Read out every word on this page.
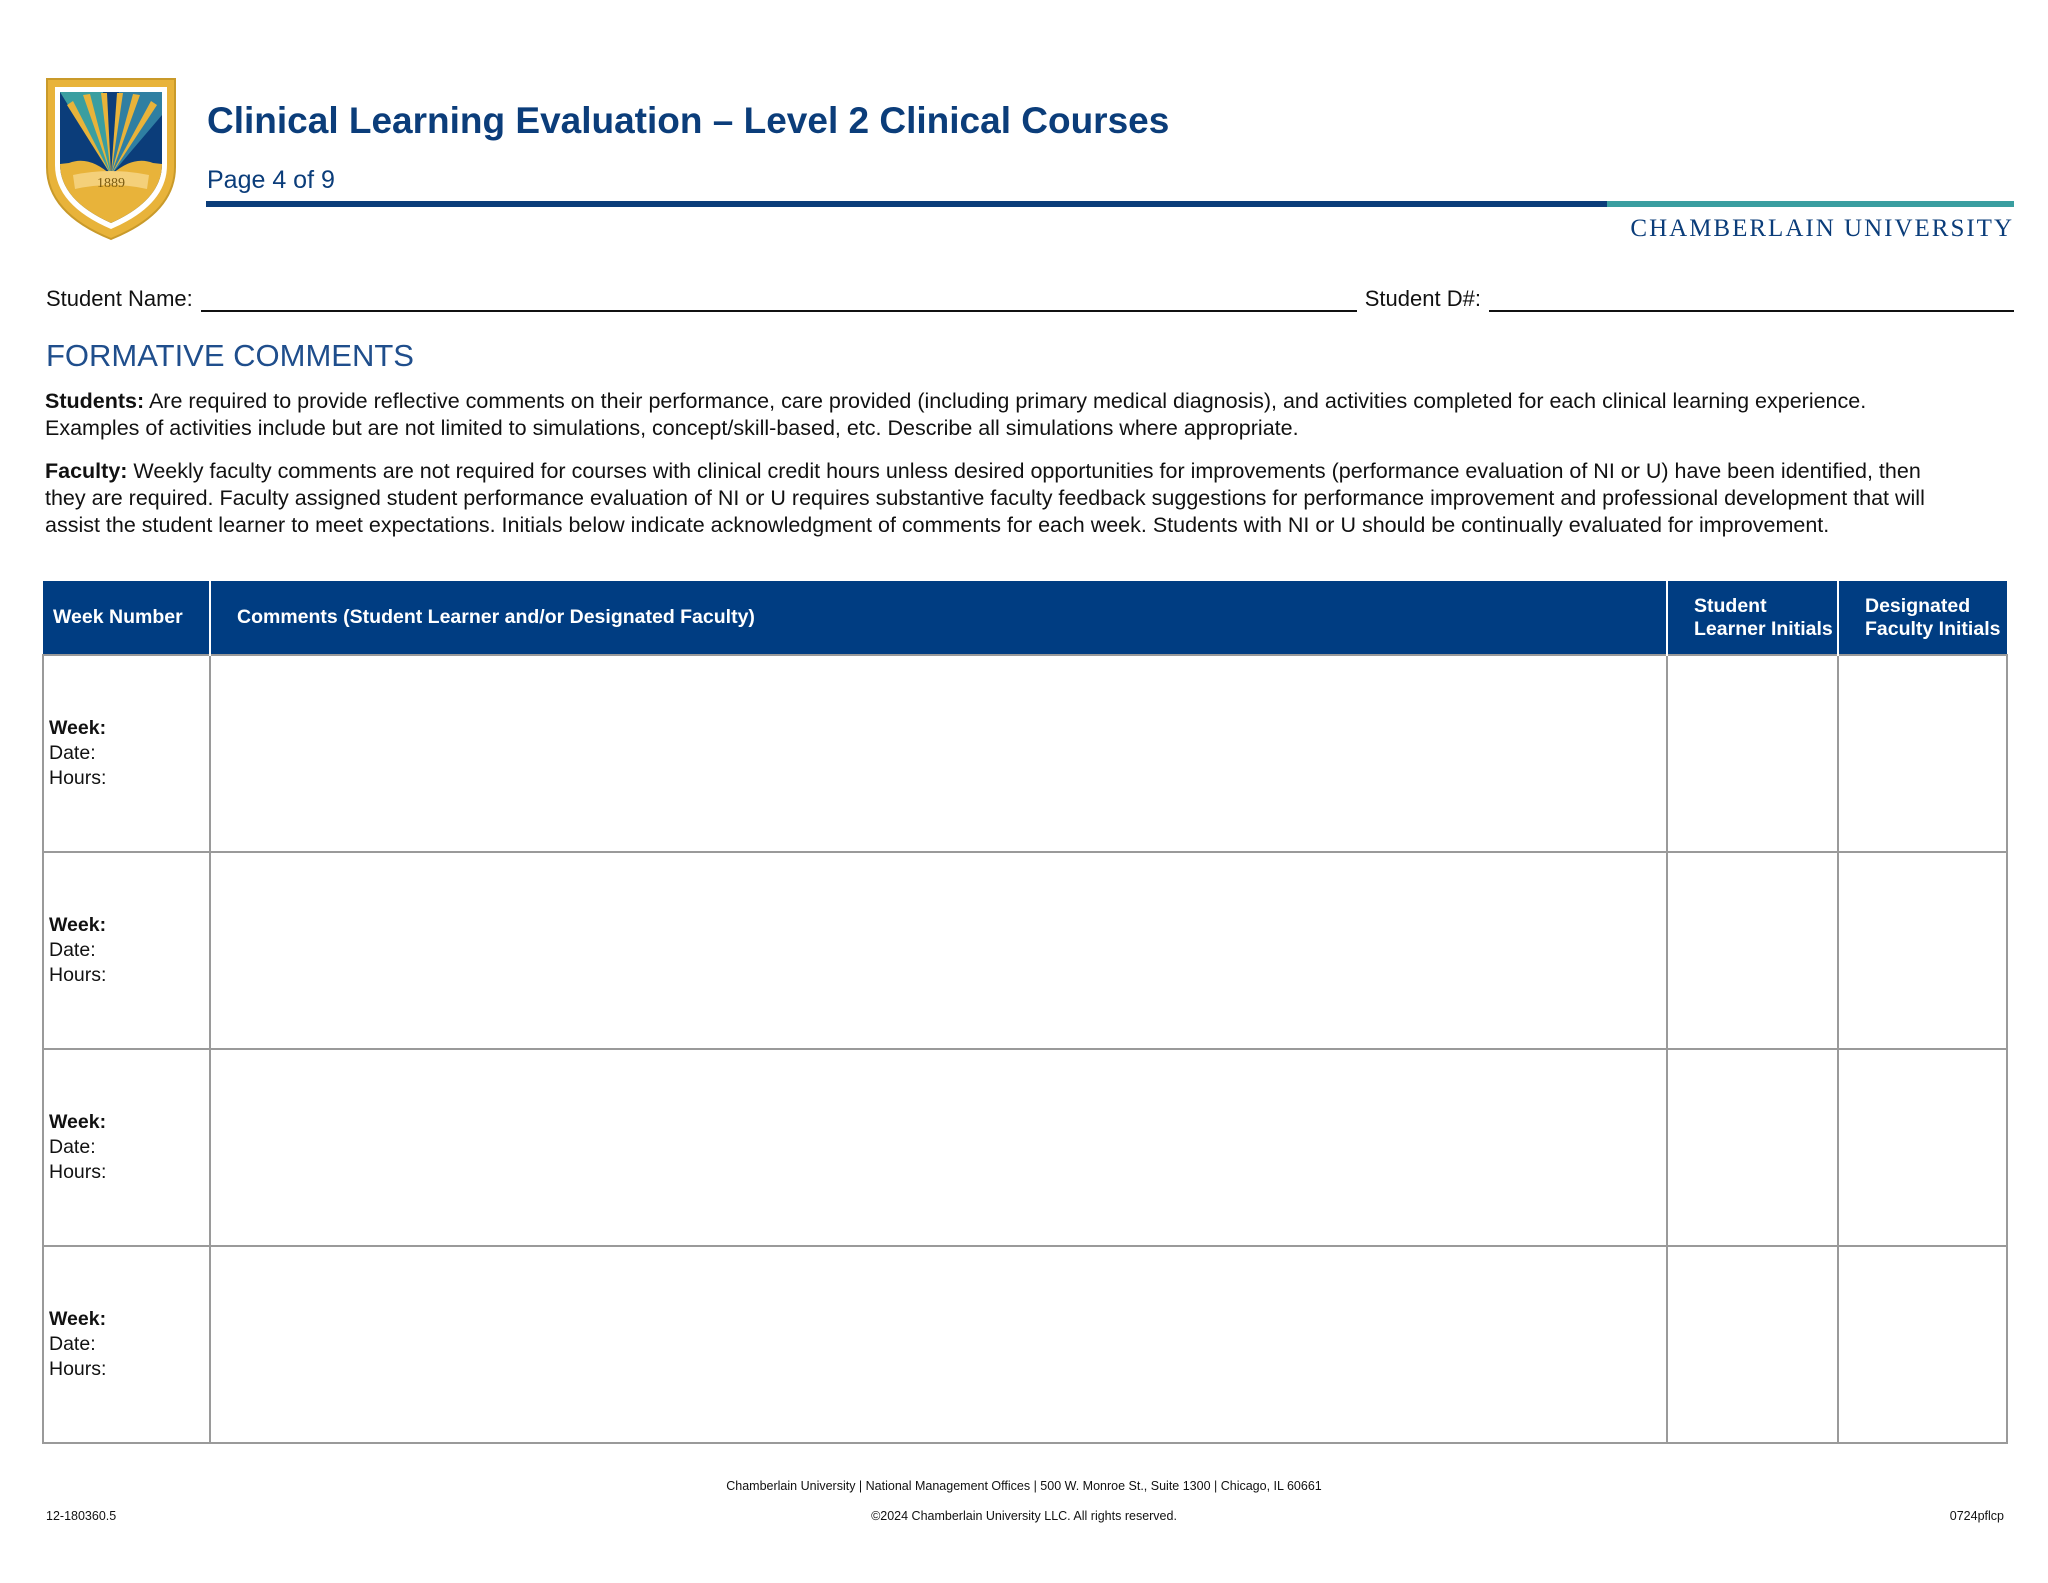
1889
Clinical Learning Evaluation – Level 2 Clinical Courses
Page 4 of 9
CHAMBERLAIN UNIVERSITY
Student Name:	Student D#:
FORMATIVE COMMENTS
Students: Are required to provide reflective comments on their performance, care provided (including primary medical diagnosis), and activities completed for each clinical learning experience. Examples of activities include but are not limited to simulations, concept/skill-based, etc. Describe all simulations where appropriate.
Faculty: Weekly faculty comments are not required for courses with clinical credit hours unless desired opportunities for improvements (performance evaluation of NI or U) have been identified, then they are required. Faculty assigned student performance evaluation of NI or U requires substantive faculty feedback suggestions for performance improvement and professional development that will assist the student learner to meet expectations. Initials below indicate acknowledgment of comments for each week. Students with NI or U should be continually evaluated for improvement.
Week Number	Comments (Student Learner and/or Designated Faculty)	Student Learner Initials	Designated Faculty Initials

Week:
Date:
Hours:			

Week:
Date:
Hours:			

Week:
Date:
Hours:			

Week:
Date:
Hours:			

Chamberlain University | National Management Offices | 500 W. Monroe St., Suite 1300 | Chicago, IL 60661
©2024 Chamberlain University LLC. All rights reserved.
12-180360.5	0724pflcp
